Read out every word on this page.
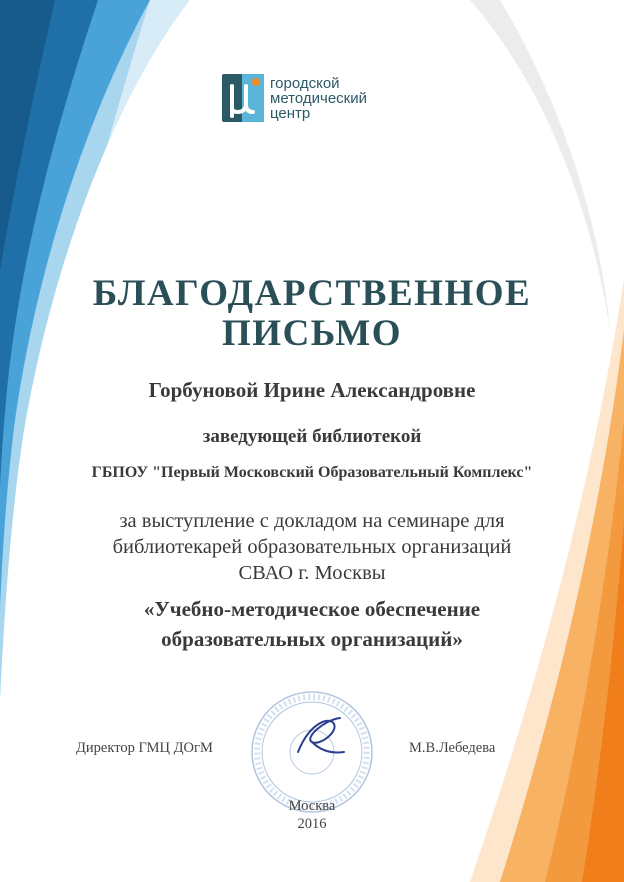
городской
методический
центр
БЛАГОДАРСТВЕННОЕ
ПИСЬМО
Горбуновой Ирине Александровне
заведующей библиотекой
ГБПОУ "Первый Московский Образовательный Комплекс"
за выступление с докладом на семинаре для
библиотекарей образовательных организаций
СВАО г. Москвы
«Учебно-методическое обеспечение
образовательных организаций»
Директор ГМЦ ДОгМ	М.В.Лебедева
Москва
2016
